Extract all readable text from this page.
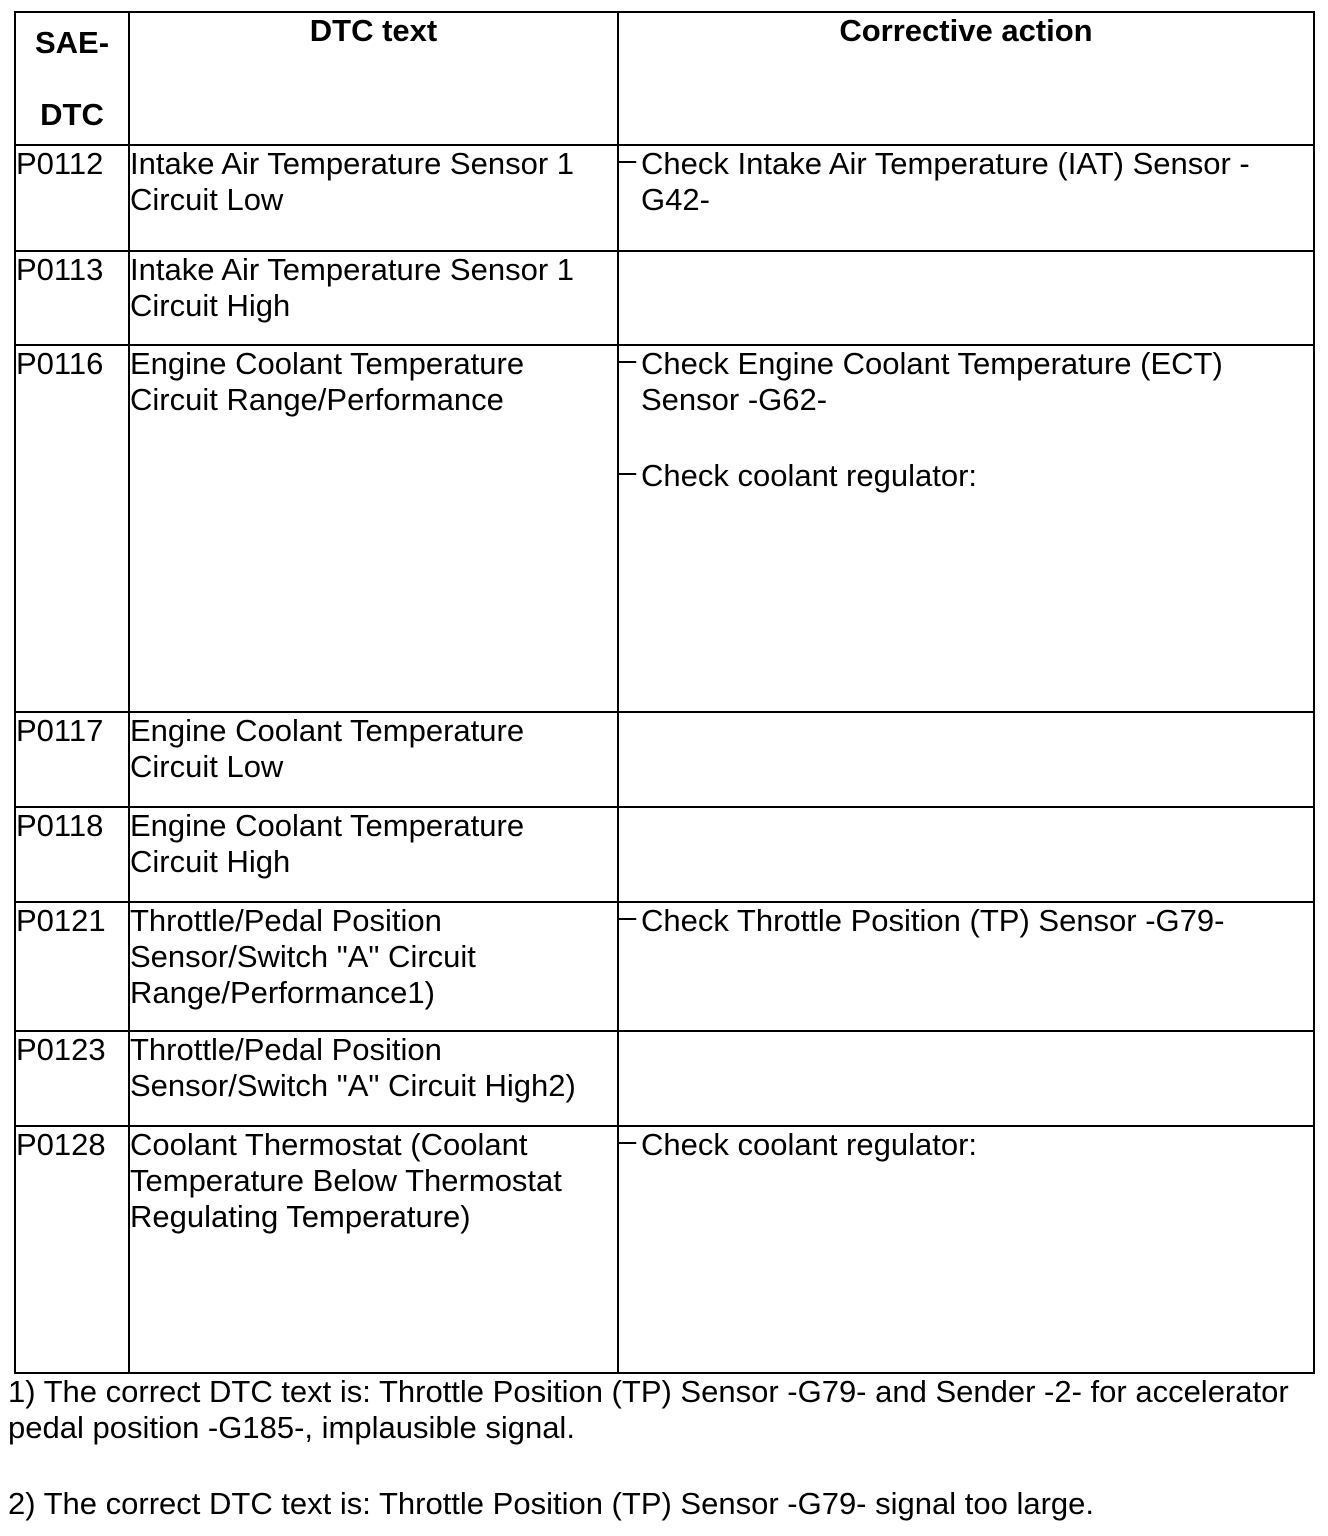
SAE-
DTC	DTC text	Corrective action
P0112	Intake Air Temperature Sensor 1 Circuit Low	– Check Intake Air Temperature (IAT) Sensor -G42-

P0113	Intake Air Temperature Sensor 1 Circuit High	
P0116	Engine Coolant Temperature Circuit Range/Performance	– Check Engine Coolant Temperature (ECT) Sensor -G62-
– Check coolant regulator:

P0117	Engine Coolant Temperature Circuit Low	
P0118	Engine Coolant Temperature Circuit High	
P0121	Throttle/Pedal Position Sensor/Switch "A" Circuit Range/Performance1)	– Check Throttle Position (TP) Sensor -G79-

P0123	Throttle/Pedal Position Sensor/Switch "A" Circuit High2)	
P0128	Coolant Thermostat (Coolant Temperature Below Thermostat Regulating Temperature)	– Check coolant regulator:

1) The correct DTC text is: Throttle Position (TP) Sensor -G79- and Sender -2- for accelerator pedal position -G185-, implausible signal.

2) The correct DTC text is: Throttle Position (TP) Sensor -G79- signal too large.
